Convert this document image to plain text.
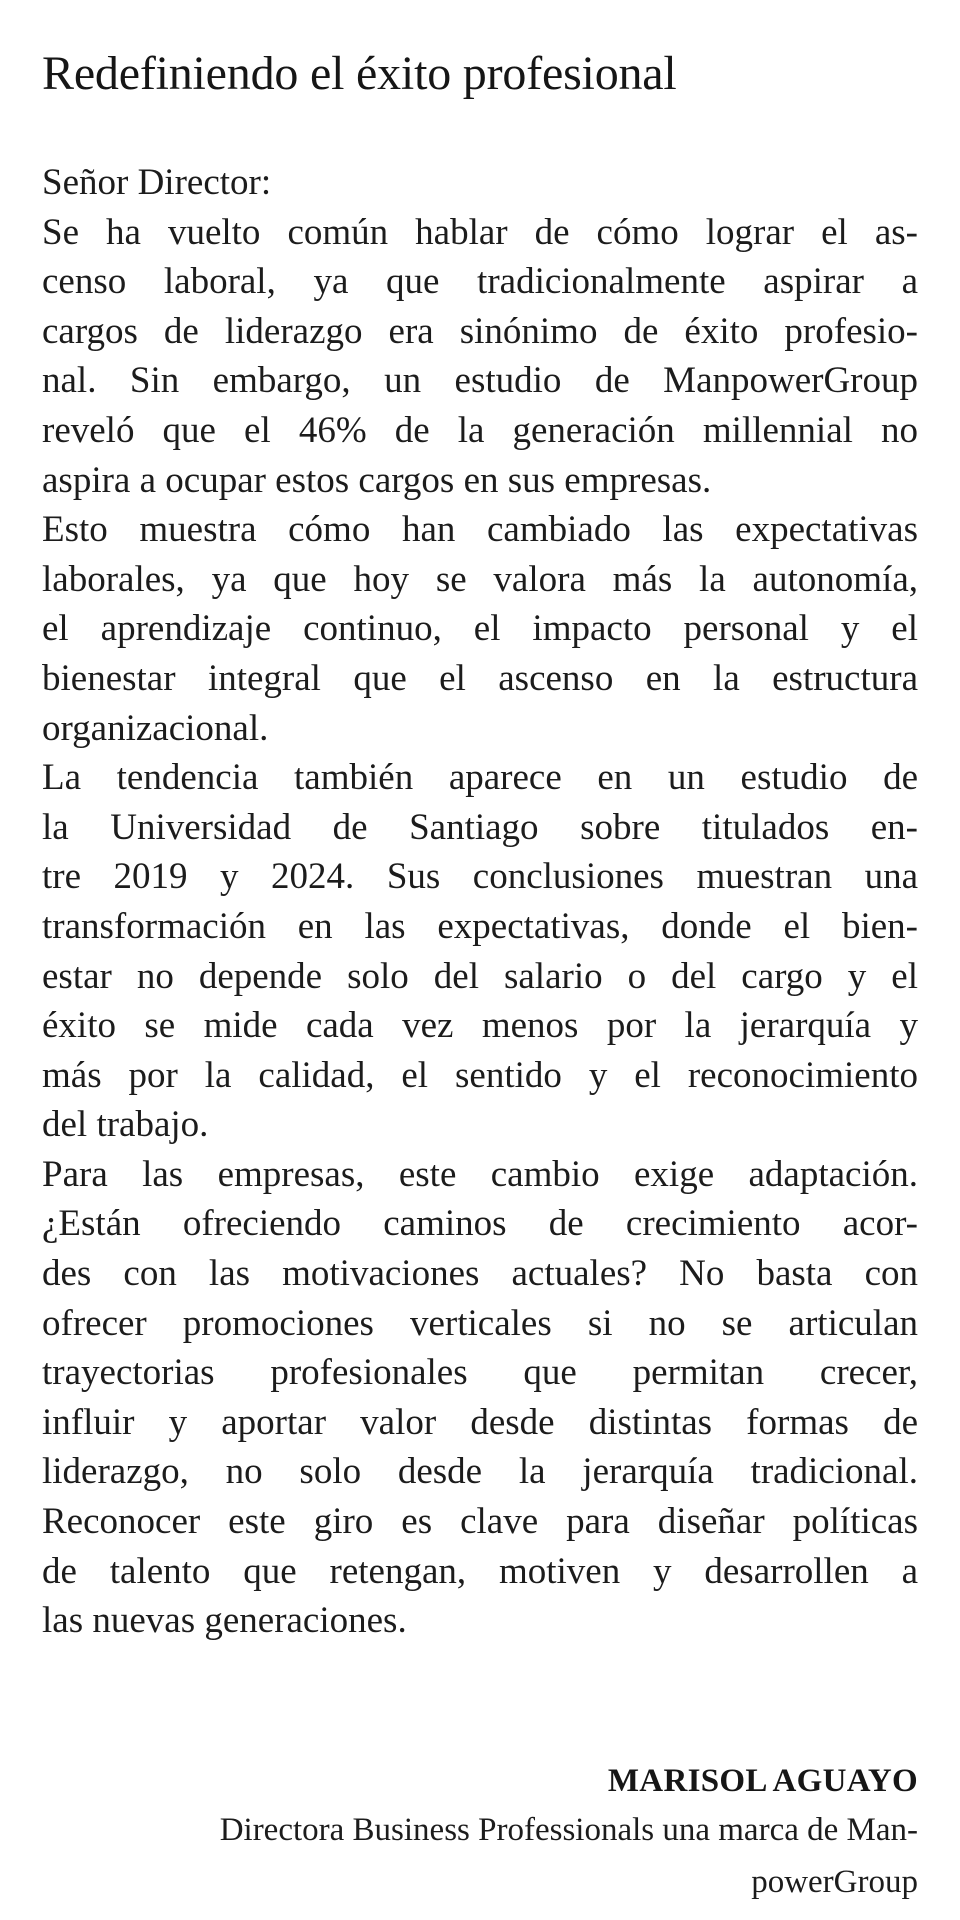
Redefiniendo el éxito profesional
Señor Director:
Se ha vuelto común hablar de cómo lograr el as-
censo laboral, ya que tradicionalmente aspirar a
cargos de liderazgo era sinónimo de éxito profesio-
nal. Sin embargo, un estudio de ManpowerGroup
reveló que el 46% de la generación millennial no
aspira a ocupar estos cargos en sus empresas.
Esto muestra cómo han cambiado las expectativas
laborales, ya que hoy se valora más la autonomía,
el aprendizaje continuo, el impacto personal y el
bienestar integral que el ascenso en la estructura
organizacional.
La tendencia también aparece en un estudio de
la Universidad de Santiago sobre titulados en-
tre 2019 y 2024. Sus conclusiones muestran una
transformación en las expectativas, donde el bien-
estar no depende solo del salario o del cargo y el
éxito se mide cada vez menos por la jerarquía y
más por la calidad, el sentido y el reconocimiento
del trabajo.
Para las empresas, este cambio exige adaptación.
¿Están ofreciendo caminos de crecimiento acor-
des con las motivaciones actuales? No basta con
ofrecer promociones verticales si no se articulan
trayectorias profesionales que permitan crecer,
influir y aportar valor desde distintas formas de
liderazgo, no solo desde la jerarquía tradicional.
Reconocer este giro es clave para diseñar políticas
de talento que retengan, motiven y desarrollen a
las nuevas generaciones.
MARISOL AGUAYO
Directora Business Professionals una marca de Man-
powerGroup
